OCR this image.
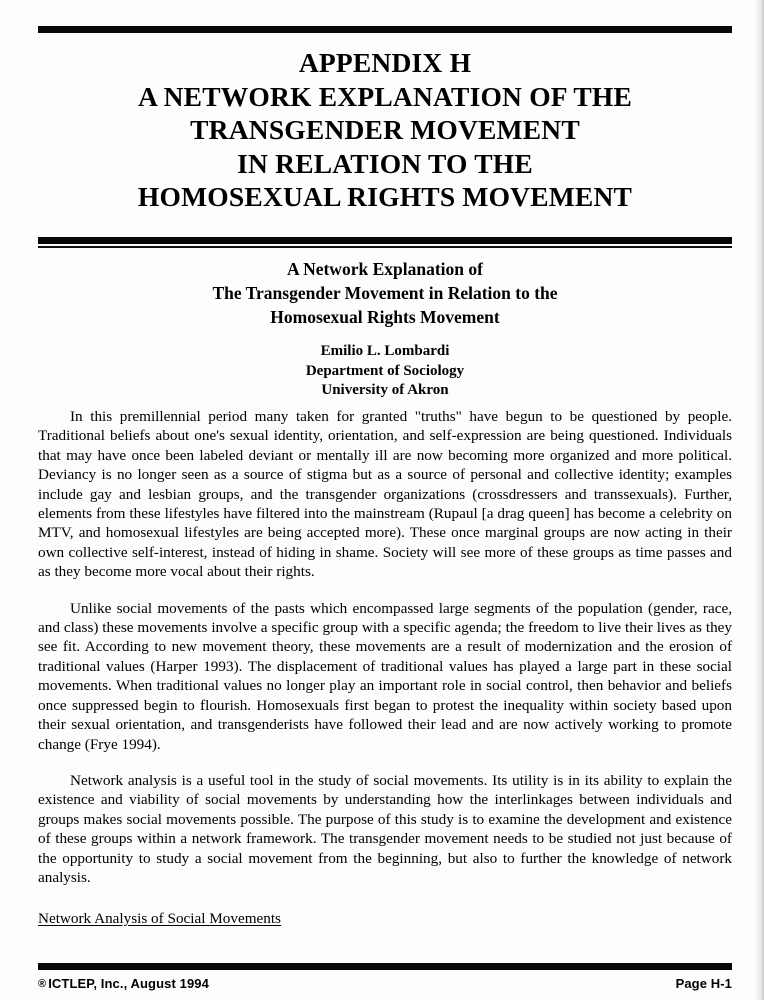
APPENDIX H
A NETWORK EXPLANATION OF THE
TRANSGENDER MOVEMENT
IN RELATION TO THE
HOMOSEXUAL RIGHTS MOVEMENT
A Network Explanation of
The Transgender Movement in Relation to the
Homosexual Rights Movement
Emilio L. Lombardi
Department of Sociology
University of Akron

In this premillennial period many taken for granted "truths" have begun to be questioned by people. Traditional beliefs about one's sexual identity, orientation, and self-expression are being questioned. Individuals that may have once been labeled deviant or mentally ill are now becoming more organized and more political. Deviancy is no longer seen as a source of stigma but as a source of personal and collective identity; examples include gay and lesbian groups, and the transgender organizations (crossdressers and transsexuals). Further, elements from these lifestyles have filtered into the mainstream (Rupaul [a drag queen] has become a celebrity on MTV, and homosexual lifestyles are being accepted more). These once marginal groups are now acting in their own collective self-interest, instead of hiding in shame. Society will see more of these groups as time passes and as they become more vocal about their rights.

Unlike social movements of the pasts which encompassed large segments of the population (gender, race, and class) these movements involve a specific group with a specific agenda; the freedom to live their lives as they see fit. According to new movement theory, these movements are a result of modernization and the erosion of traditional values (Harper 1993). The displacement of traditional values has played a large part in these social movements. When traditional values no longer play an important role in social control, then behavior and beliefs once suppressed begin to flourish. Homosexuals first began to protest the inequality within society based upon their sexual orientation, and transgenderists have followed their lead and are now actively working to promote change (Frye 1994).

Network analysis is a useful tool in the study of social movements. Its utility is in its ability to explain the existence and viability of social movements by understanding how the interlinkages between individuals and groups makes social movements possible. The purpose of this study is to examine the development and existence of these groups within a network framework. The transgender movement needs to be studied not just because of the opportunity to study a social movement from the beginning, but also to further the knowledge of network analysis.

Network Analysis of Social Movements
® ICTLEP, Inc., August 1994	Page H-1
